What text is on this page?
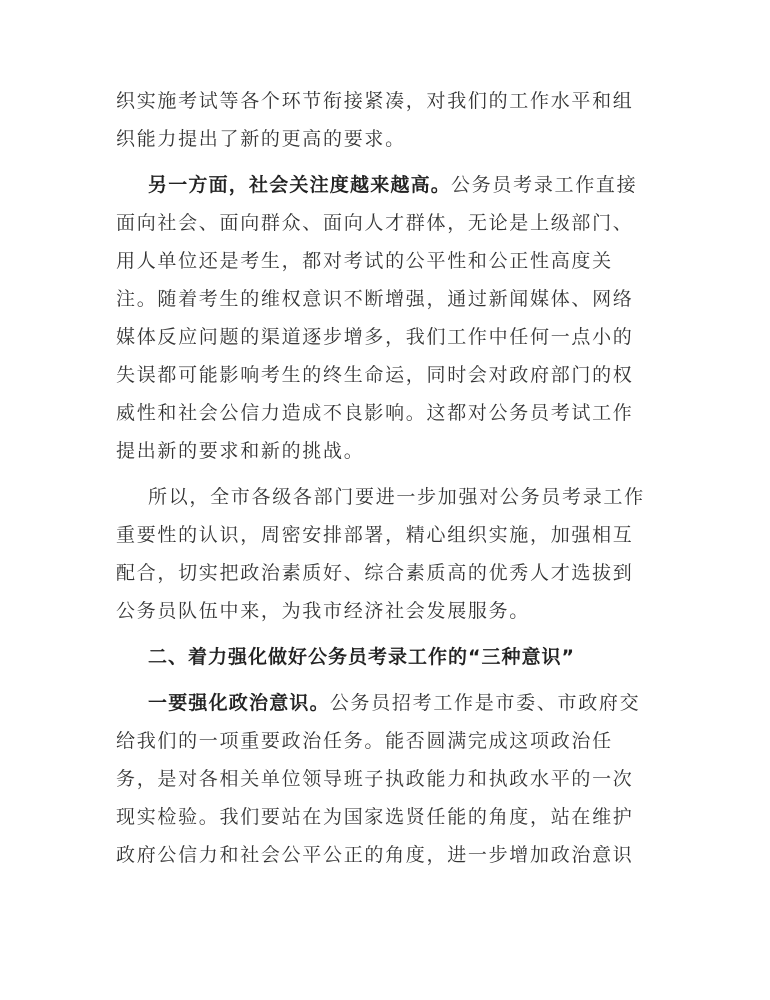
织实施考试等各个环节衔接紧凑，对我们的工作水平和组

织能力提出了新的更高的要求。

另一方面，社会关注度越来越高。公务员考录工作直接

面向社会、面向群众、面向人才群体，无论是上级部门、

用人单位还是考生，都对考试的公平性和公正性高度关

注。随着考生的维权意识不断增强，通过新闻媒体、网络

媒体反应问题的渠道逐步增多，我们工作中任何一点小的

失误都可能影响考生的终生命运，同时会对政府部门的权

威性和社会公信力造成不良影响。这都对公务员考试工作

提出新的要求和新的挑战。

所以，全市各级各部门要进一步加强对公务员考录工作

重要性的认识，周密安排部署，精心组织实施，加强相互

配合，切实把政治素质好、综合素质高的优秀人才选拔到

公务员队伍中来，为我市经济社会发展服务。

二、着力强化做好公务员考录工作的“三种意识”

一要强化政治意识。公务员招考工作是市委、市政府交

给我们的一项重要政治任务。能否圆满完成这项政治任

务，是对各相关单位领导班子执政能力和执政水平的一次

现实检验。我们要站在为国家选贤任能的角度，站在维护

政府公信力和社会公平公正的角度，进一步增加政治意识
